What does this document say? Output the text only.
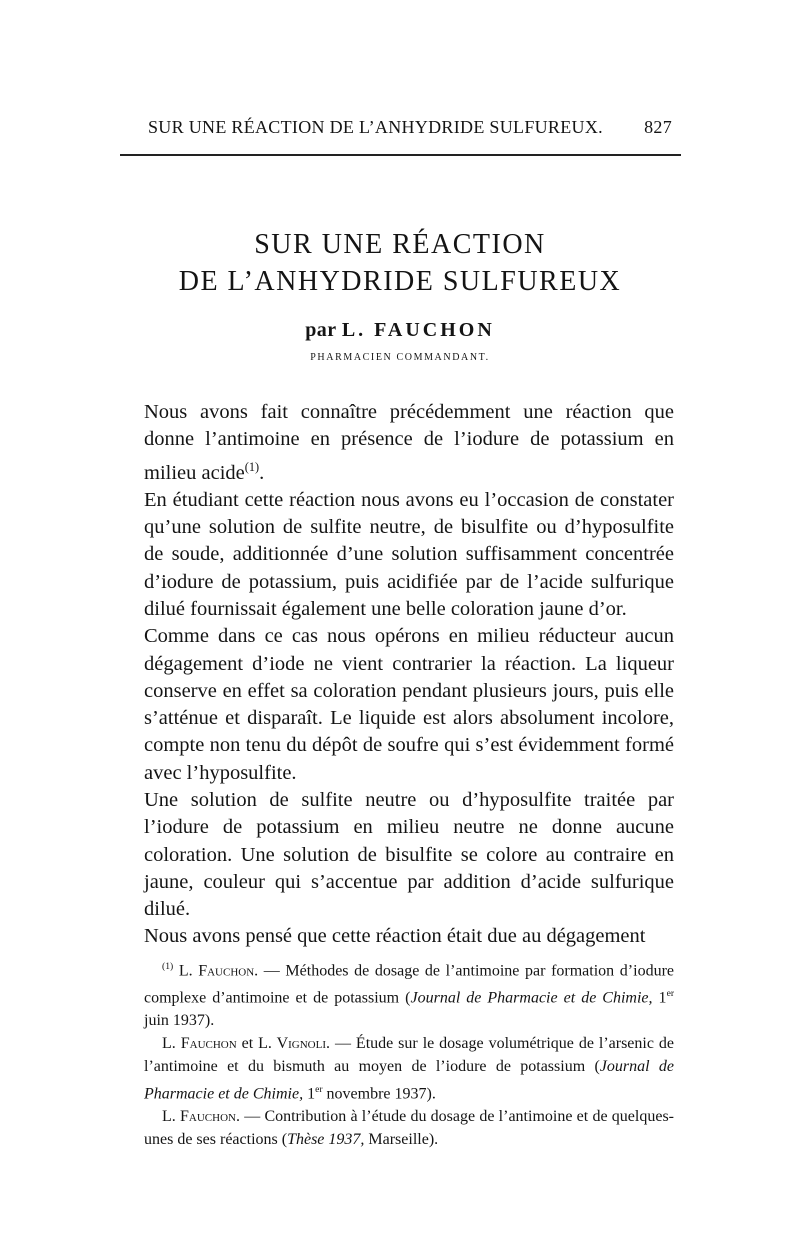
SUR UNE RÉACTION DE L’ANHYDRIDE SULFUREUX. 827
SUR UNE RÉACTION
DE L’ANHYDRIDE SULFUREUX
par L. FAUCHON
PHARMACIEN COMMANDANT.

Nous avons fait connaître précédemment une réaction que donne l’antimoine en présence de l’iodure de potassium en milieu acide$^{(1)}$.

En étudiant cette réaction nous avons eu l’occasion de constater qu’une solution de sulfite neutre, de bisulfite ou d’hyposulfite de soude, additionnée d’une solution suffisamment concentrée d’iodure de potassium, puis acidifiée par de l’acide sulfurique dilué fournissait également une belle coloration jaune d’or.

Comme dans ce cas nous opérons en milieu réducteur aucun dégagement d’iode ne vient contrarier la réaction. La liqueur conserve en effet sa coloration pendant plusieurs jours, puis elle s’atténue et disparaît. Le liquide est alors absolument incolore, compte non tenu du dépôt de soufre qui s’est évidemment formé avec l’hyposulfite.

Une solution de sulfite neutre ou d’hyposulfite traitée par l’iodure de potassium en milieu neutre ne donne aucune coloration. Une solution de bisulfite se colore au contraire en jaune, couleur qui s’accentue par addition d’acide sulfurique dilué.

Nous avons pensé que cette réaction était due au dégagement

$^{(1)}$ L. Fauchon. — Méthodes de dosage de l’antimoine par formation d’iodure complexe d’antimoine et de potassium (Journal de Pharmacie et de Chimie, 1er juin 1937).

L. Fauchon et L. Vignoli. — Étude sur le dosage volumétrique de l’arsenic de l’antimoine et du bismuth au moyen de l’iodure de potassium (Journal de Pharmacie et de Chimie, 1er novembre 1937).

L. Fauchon. — Contribution à l’étude du dosage de l’antimoine et de quelques-unes de ses réactions (Thèse 1937, Marseille).
